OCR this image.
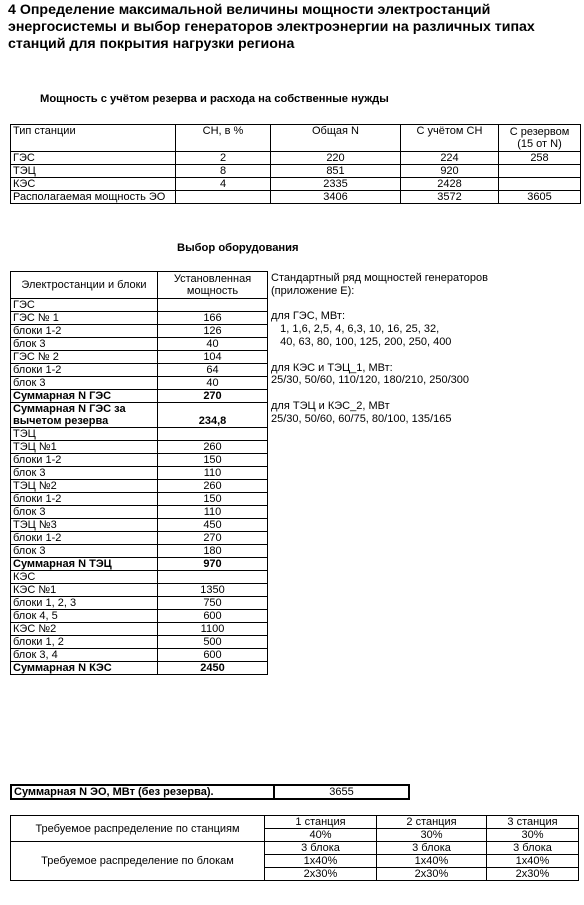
4 Определение максимальной величины мощности электростанций энергосистемы и выбор генераторов электроэнергии на различных типах станций для покрытия нагрузки региона
Мощность с учётом резерва и расхода на собственные нужды
Тип станции	СН, в %	Общая N	С учётом СН	С резервом (15 от N)
ГЭС	2	220	224	258
ТЭЦ	8	851	920	
КЭС	4	2335	2428	
Располагаемая мощность ЭО		3406	3572	3605
Выбор оборудования
Электростанции и блоки	Установленная мощность
ГЭС	
ГЭС № 1	166
блоки 1-2	126
блок 3	40
ГЭС № 2	104
блоки 1-2	64
блок 3	40
Суммарная N ГЭС	270
Суммарная N ГЭС за вычетом резерва	234,8
ТЭЦ	
ТЭЦ №1	260
блоки 1-2	150
блок 3	110
ТЭЦ №2	260
блоки 1-2	150
блок 3	110
ТЭЦ №3	450
блоки 1-2	270
блок 3	180
Суммарная N ТЭЦ	970
КЭС	
КЭС №1	1350
блоки 1, 2, 3	750
блок 4, 5	600
КЭС №2	1100
блоки 1, 2	500
блок 3, 4	600
Суммарная N КЭС	2450
Стандартный ряд мощностей генераторов
(приложение Е):
для ГЭС, МВт:
1, 1,6, 2,5, 4, 6,3, 10, 16, 25, 32,
40, 63, 80, 100, 125, 200, 250, 400
для КЭС и ТЭЦ_1, МВт:
25/30, 50/60, 110/120, 180/210, 250/300
для ТЭЦ и КЭС_2, МВт
25/30, 50/60, 60/75, 80/100, 135/165
Суммарная N ЭО, МВт (без резерва).	3655
Требуемое распределение по станциям	1 станция	2 станция	3 станция
	40%	30%	30%
Требуемое распределение по блокам	3 блока	3 блока	3 блока
	1x40%	1x40%	1x40%
	2x30%	2x30%	2x30%
